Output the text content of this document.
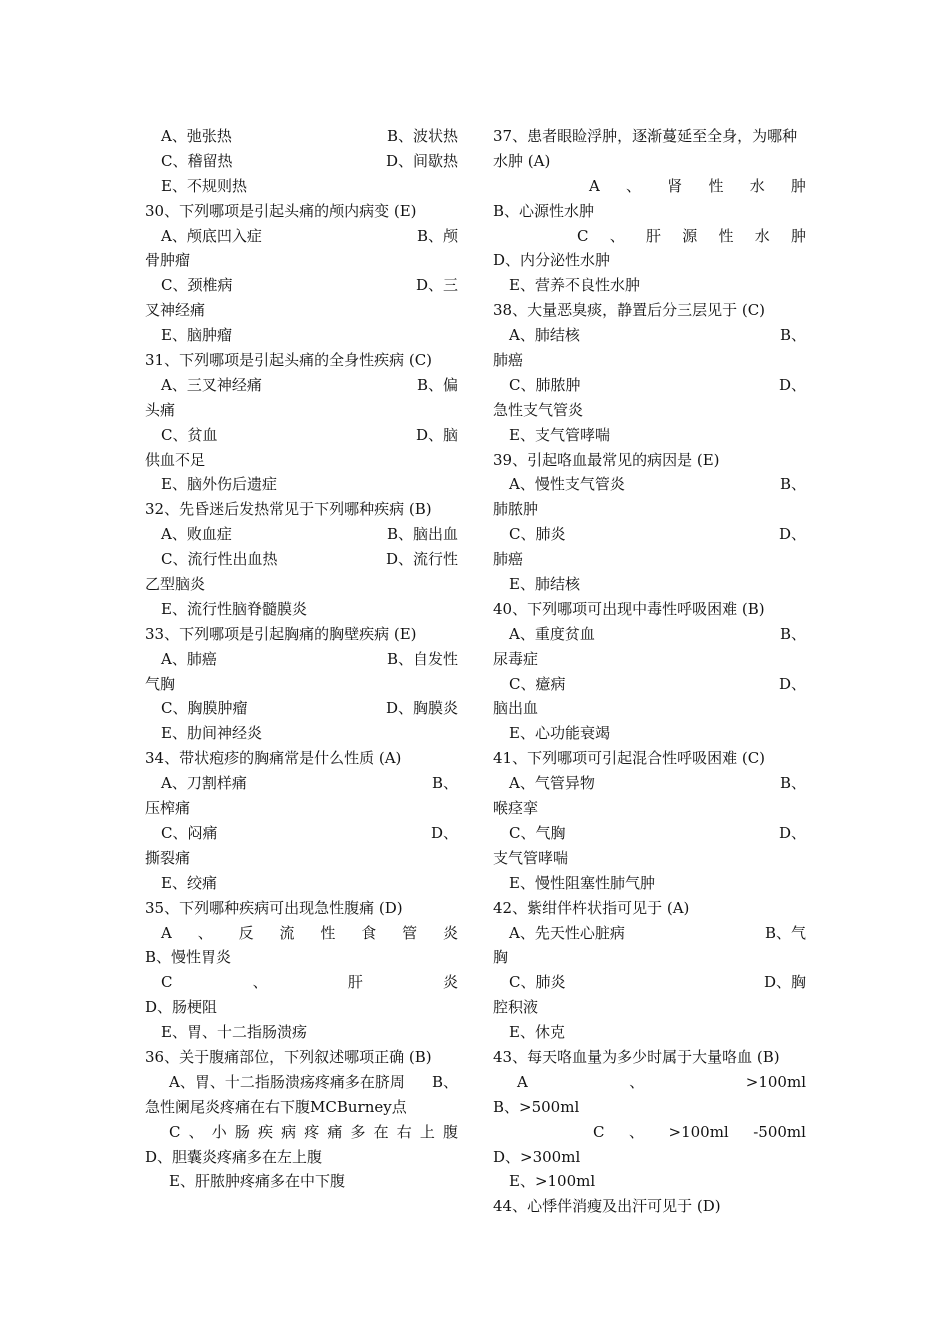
A、弛张热	B、波状热
C、稽留热	D、间歇热
E、不规则热
30、下列哪项是引起头痛的颅内病变 (E)
A、颅底凹入症	B、颅
骨肿瘤
C、颈椎病	D、三
叉神经痛
E、脑肿瘤
31、下列哪项是引起头痛的全身性疾病 (C)
A、三叉神经痛	B、偏
头痛
C、贫血	D、脑
供血不足
E、脑外伤后遗症
32、先昏迷后发热常见于下列哪种疾病 (B)
A、败血症	B、脑出血
C、流行性出血热	D、流行性
乙型脑炎
E、流行性脑脊髓膜炎
33、下列哪项是引起胸痛的胸壁疾病 (E)
A、肺癌	B、自发性
气胸
C、胸膜肿瘤	D、胸膜炎
E、肋间神经炎
34、带状疱疹的胸痛常是什么性质 (A)
A、刀割样痛	B、
压榨痛
C、闷痛	D、
撕裂痛
E、绞痛
35、下列哪种疾病可出现急性腹痛 (D)
A 、 反 流 性 食 管 炎
B、慢性胃炎
C	、	肝	炎
D、肠梗阻
E、胃、十二指肠溃疡
36、关于腹痛部位，下列叙述哪项正确 (B)
A、胃、十二指肠溃疡疼痛多在脐周 B、
急性阑尾炎疼痛在右下腹MCBurney点
C 、 小 肠 疾 病 疼 痛 多 在 右 上 腹
D、胆囊炎疼痛多在左上腹
E、肝脓肿疼痛多在中下腹
37、患者眼睑浮肿，逐渐蔓延至全身，为哪种
水肿 (A)
A 、 肾 性 水 肿
B、心源性水肿
C 、 肝 源 性 水 肿
D、内分泌性水肿
E、营养不良性水肿
38、大量恶臭痰，静置后分三层见于 (C)
A、肺结核	B、
肺癌
C、肺脓肿	D、
急性支气管炎
E、支气管哮喘
39、引起咯血最常见的病因是 (E)
A、慢性支气管炎	B、
肺脓肿
C、肺炎	D、
肺癌
E、肺结核
40、下列哪项可出现中毒性呼吸困难 (B)
A、重度贫血	B、
尿毒症
C、癔病	D、
脑出血
E、心功能衰竭
41、下列哪项可引起混合性呼吸困难 (C)
A、气管异物	B、
喉痉挛
C、气胸	D、
支气管哮喘
E、慢性阻塞性肺气肿
42、紫绀伴杵状指可见于 (A)
A、先天性心脏病	B、气
胸
C、肺炎	D、胸
腔积液
E、休克
43、每天咯血量为多少时属于大量咯血 (B)
A	、	>100ml
B、>500ml
C 、 >100ml -500ml
D、>300ml
E、>100ml
44、心悸伴消瘦及出汗可见于 (D)
